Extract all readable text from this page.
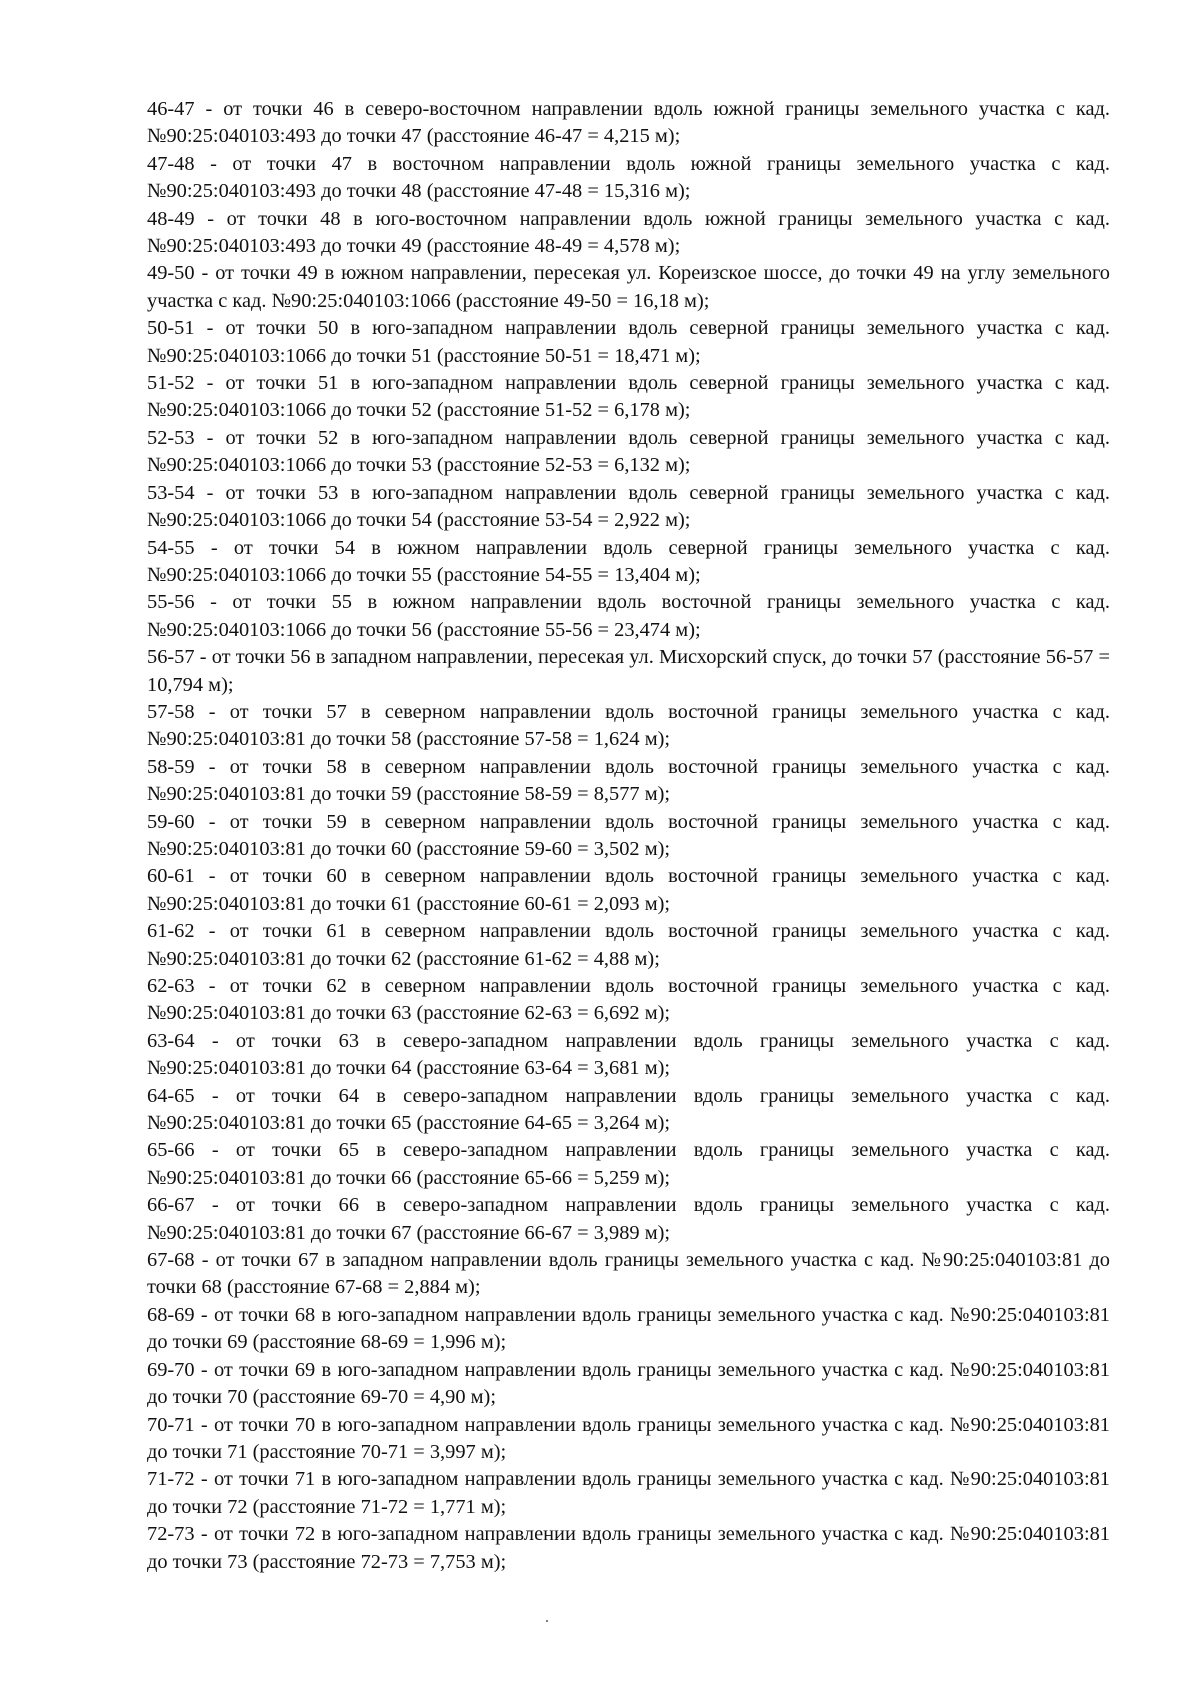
46-47 - от точки 46 в северо-восточном направлении вдоль южной границы земельного участка с кад. №90:25:040103:493 до точки 47 (расстояние 46-47 = 4,215 м);

47-48 - от точки 47 в восточном направлении вдоль южной границы земельного участка с кад. №90:25:040103:493 до точки 48 (расстояние 47-48 = 15,316 м);

48-49 - от точки 48 в юго-восточном направлении вдоль южной границы земельного участка с кад. №90:25:040103:493 до точки 49 (расстояние 48-49 = 4,578 м);

49-50 - от точки 49 в южном направлении, пересекая ул. Кореизское шоссе, до точки 49 на углу земельного участка с кад. №90:25:040103:1066 (расстояние 49-50 = 16,18 м);

50-51 - от точки 50 в юго-западном направлении вдоль северной границы земельного участка с кад. №90:25:040103:1066 до точки 51 (расстояние 50-51 = 18,471 м);

51-52 - от точки 51 в юго-западном направлении вдоль северной границы земельного участка с кад. №90:25:040103:1066 до точки 52 (расстояние 51-52 = 6,178 м);

52-53 - от точки 52 в юго-западном направлении вдоль северной границы земельного участка с кад. №90:25:040103:1066 до точки 53 (расстояние 52-53 = 6,132 м);

53-54 - от точки 53 в юго-западном направлении вдоль северной границы земельного участка с кад. №90:25:040103:1066 до точки 54 (расстояние 53-54 = 2,922 м);

54-55 - от точки 54 в южном направлении вдоль северной границы земельного участка с кад. №90:25:040103:1066 до точки 55 (расстояние 54-55 = 13,404 м);

55-56 - от точки 55 в южном направлении вдоль восточной границы земельного участка с кад. №90:25:040103:1066 до точки 56 (расстояние 55-56 = 23,474 м);

56-57 - от точки 56 в западном направлении, пересекая ул. Мисхорский спуск, до точки 57 (расстояние 56-57 = 10,794 м);

57-58 - от точки 57 в северном направлении вдоль восточной границы земельного участка с кад. №90:25:040103:81 до точки 58 (расстояние 57-58 = 1,624 м);

58-59 - от точки 58 в северном направлении вдоль восточной границы земельного участка с кад. №90:25:040103:81 до точки 59 (расстояние 58-59 = 8,577 м);

59-60 - от точки 59 в северном направлении вдоль восточной границы земельного участка с кад. №90:25:040103:81 до точки 60 (расстояние 59-60 = 3,502 м);

60-61 - от точки 60 в северном направлении вдоль восточной границы земельного участка с кад. №90:25:040103:81 до точки 61 (расстояние 60-61 = 2,093 м);

61-62 - от точки 61 в северном направлении вдоль восточной границы земельного участка с кад. №90:25:040103:81 до точки 62 (расстояние 61-62 = 4,88 м);

62-63 - от точки 62 в северном направлении вдоль восточной границы земельного участка с кад. №90:25:040103:81 до точки 63 (расстояние 62-63 = 6,692 м);

63-64 - от точки 63 в северо-западном направлении вдоль границы земельного участка с кад. №90:25:040103:81 до точки 64 (расстояние 63-64 = 3,681 м);

64-65 - от точки 64 в северо-западном направлении вдоль границы земельного участка с кад. №90:25:040103:81 до точки 65 (расстояние 64-65 = 3,264 м);

65-66 - от точки 65 в северо-западном направлении вдоль границы земельного участка с кад. №90:25:040103:81 до точки 66 (расстояние 65-66 = 5,259 м);

66-67 - от точки 66 в северо-западном направлении вдоль границы земельного участка с кад. №90:25:040103:81 до точки 67 (расстояние 66-67 = 3,989 м);

67-68 - от точки 67 в западном направлении вдоль границы земельного участка с кад. №90:25:040103:81 до точки 68 (расстояние 67-68 = 2,884 м);

68-69 - от точки 68 в юго-западном направлении вдоль границы земельного участка с кад. №90:25:040103:81 до точки 69 (расстояние 68-69 = 1,996 м);

69-70 - от точки 69 в юго-западном направлении вдоль границы земельного участка с кад. №90:25:040103:81 до точки 70 (расстояние 69-70 = 4,90 м);

70-71 - от точки 70 в юго-западном направлении вдоль границы земельного участка с кад. №90:25:040103:81 до точки 71 (расстояние 70-71 = 3,997 м);

71-72 - от точки 71 в юго-западном направлении вдоль границы земельного участка с кад. №90:25:040103:81 до точки 72 (расстояние 71-72 = 1,771 м);

72-73 - от точки 72 в юго-западном направлении вдоль границы земельного участка с кад. №90:25:040103:81 до точки 73 (расстояние 72-73 = 7,753 м);
